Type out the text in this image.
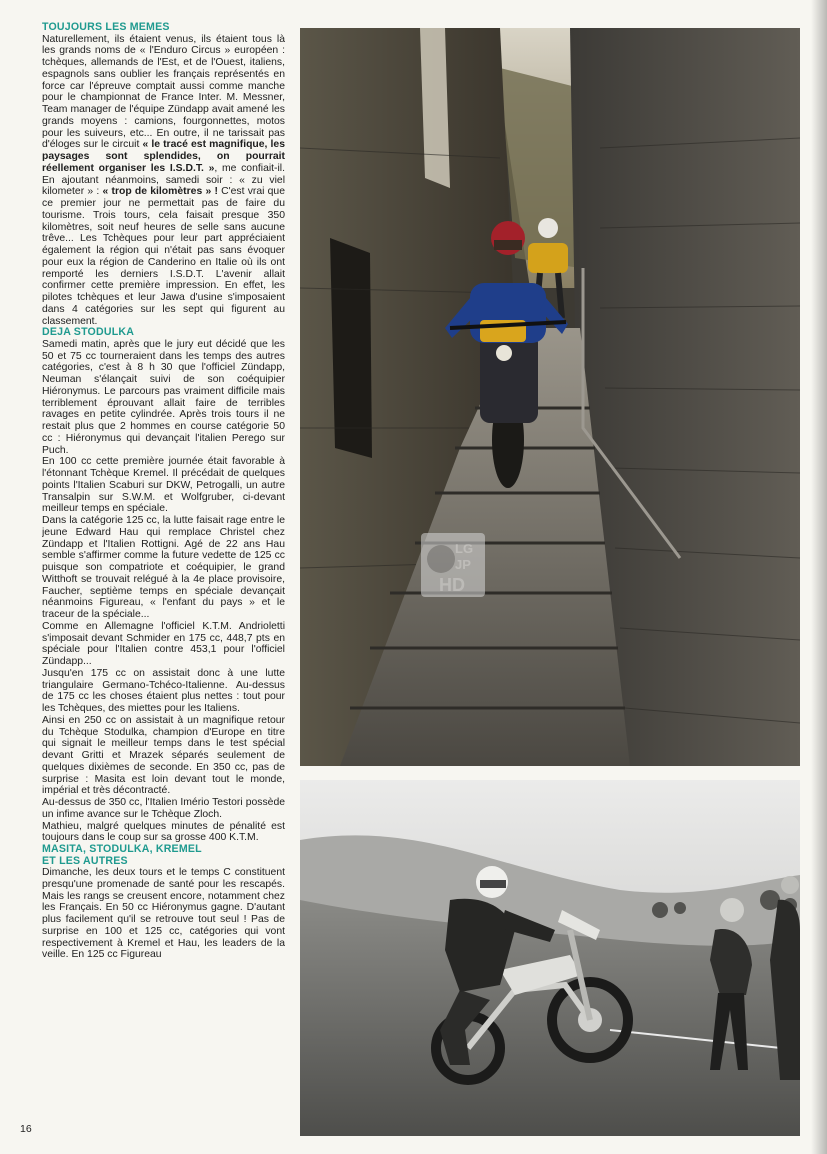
TOUJOURS LES MEMES

Naturellement, ils étaient venus, ils étaient tous là les grands noms de « l'Enduro Circus » européen : tchèques, allemands de l'Est, et de l'Ouest, italiens, espagnols sans oublier les français représentés en force car l'épreuve comptait aussi comme manche pour le championnat de France Inter. M. Messner, Team manager de l'équipe Zündapp avait amené les grands moyens : camions, fourgonnettes, motos pour les suiveurs, etc... En outre, il ne tarissait pas d'éloges sur le circuit « le tracé est magnifique, les paysages sont splendides, on pourrait réellement organiser les I.S.D.T. », me confiait-il. En ajoutant néanmoins, samedi soir : « zu viel kilometer » : « trop de kilomètres » ! C'est vrai que ce premier jour ne permettait pas de faire du tourisme. Trois tours, cela faisait presque 350 kilomètres, soit neuf heures de selle sans aucune trêve... Les Tchèques pour leur part appréciaient également la région qui n'était pas sans évoquer pour eux la région de Canderino en Italie où ils ont remporté les derniers I.S.D.T. L'avenir allait confirmer cette première impression. En effet, les pilotes tchèques et leur Jawa d'usine s'imposaient dans 4 catégories sur les sept qui figurent au classement.

DEJA STODULKA

Samedi matin, après que le jury eut décidé que les 50 et 75 cc tourneraient dans les temps des autres catégories, c'est à 8 h 30 que l'officiel Zündapp, Neuman s'élançait suivi de son coéquipier Hiéronymus. Le parcours pas vraiment difficile mais terriblement éprouvant allait faire de terribles ravages en petite cylindrée. Après trois tours il ne restait plus que 2 hommes en course catégorie 50 cc : Hiéronymus qui devançait l'italien Perego sur Puch.

En 100 cc cette première journée était favorable à l'étonnant Tchèque Kremel. Il précédait de quelques points l'Italien Scaburi sur DKW, Petrogalli, un autre Transalpin sur S.W.M. et Wolfgruber, ci-devant meilleur temps en spéciale.

Dans la catégorie 125 cc, la lutte faisait rage entre le jeune Edward Hau qui remplace Christel chez Zündapp et l'Italien Rottigni. Agé de 22 ans Hau semble s'affirmer comme la future vedette de 125 cc puisque son compatriote et coéquipier, le grand Witthoft se trouvait relégué à la 4e place provisoire, Faucher, septième temps en spéciale devançait néanmoins Figureau, « l'enfant du pays » et le traceur de la spéciale...

Comme en Allemagne l'officiel K.T.M. Andrioletti s'imposait devant Schmider en 175 cc, 448,7 pts en spéciale pour l'Italien contre 453,1 pour l'officiel Zündapp...

Jusqu'en 175 cc on assistait donc à une lutte triangulaire Germano-Tchéco-Italienne. Au-dessus de 175 cc les choses étaient plus nettes : tout pour les Tchèques, des miettes pour les Italiens.

Ainsi en 250 cc on assistait à un magnifique retour du Tchèque Stodulka, champion d'Europe en titre qui signait le meilleur temps dans le test spécial devant Gritti et Mrazek séparés seulement de quelques dixièmes de seconde. En 350 cc, pas de surprise : Masita est loin devant tout le monde, impérial et très décontracté.

Au-dessus de 350 cc, l'Italien Imério Testori possède un infime avance sur le Tchèque Zloch.

Mathieu, malgré quelques minutes de pénalité est toujours dans le coup sur sa grosse 400 K.T.M.

MASITA, STODULKA, KREMEL
ET LES AUTRES

Dimanche, les deux tours et le temps C constituent presqu'une promenade de santé pour les rescapés. Mais les rangs se creusent encore, notamment chez les Français. En 50 cc Hiéronymus gagne. D'autant plus facilement qu'il se retrouve tout seul ! Pas de surprise en 100 et 125 cc, catégories qui vont respectivement à Kremel et Hau, les leaders de la veille. En 125 cc Figureau

16
LG
JP
HD
